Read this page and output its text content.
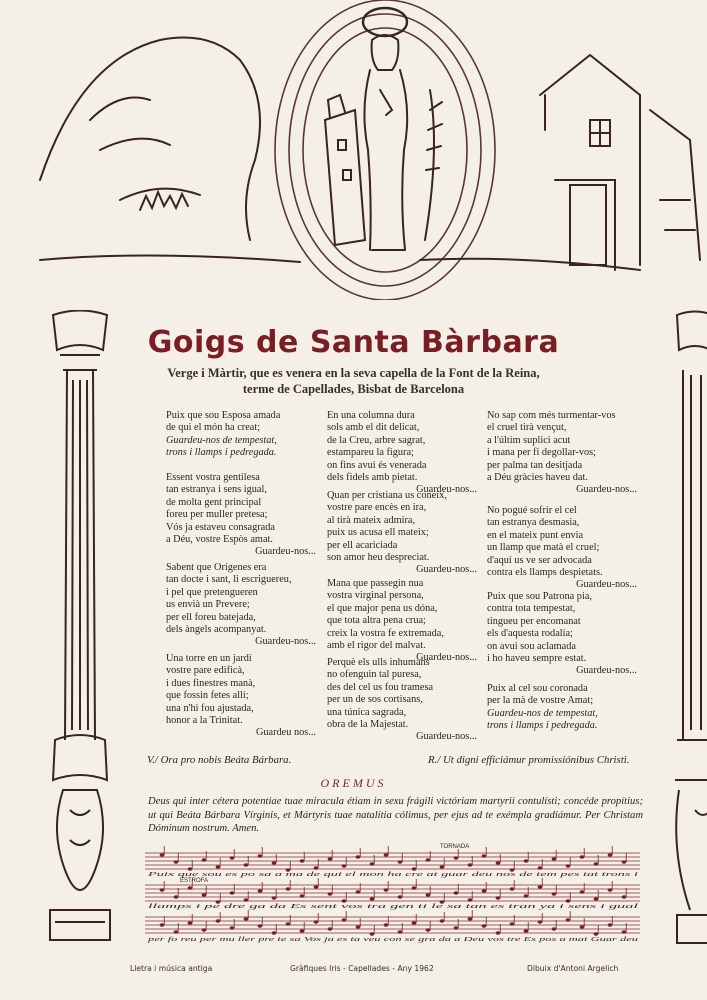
Goigs de Santa Bàrbara
Verge i Màrtir, que es venera en la seva capella de la Font de la Reina,
terme de Capellades, Bisbat de Barcelona
Puix que sou Esposa amada
de qui el món ha creat;
Guardeu-nos de tempestat,
trons i llamps i pedregada.
Essent vostra gentilesa
tan estranya i sens igual,
de molta gent principal
foreu per muller pretesa;
Vós ja estaveu consagrada
a Déu, vostre Espòs amat.
Guardeu-nos...
Sabent que Orígenes era
tan docte i sant, li escriguereu,
i pel que pretengueren
us envià un Prevere;
per ell foreu batejada,
dels àngels acompanyat.
Guardeu-nos...
Una torre en un jardí
vostre pare edificà,
i dues finestres manà,
que fossin fetes allí;
una n'hi fou ajustada,
honor a la Trinitat.
Guardeu nos...
En una columna dura
sols amb el dit delicat,
de la Creu, arbre sagrat,
estampareu la figura;
on fins avui és venerada
dels fidels amb pietat.
Guardeu-nos...
Quan per cristiana us coneix,
vostre pare encès en ira,
al tirà mateix admira,
puix us acusa ell mateix;
per ell acariciada
son amor heu despreciat.
Guardeu-nos...
Mana que passegin nua
vostra virginal persona,
el que major pena us dóna,
que tota altra pena crua;
creix la vostra fe extremada,
amb el rigor del malvat.
Guardeu-nos...
Perquè els ulls inhumans
no ofenguin tal puresa,
des del cel us fou tramesa
per un de sos cortisans,
una túnica sagrada,
obra de la Majestat.
Guardeu-nos...
No sap com més turmentar-vos
el cruel tirà vençut,
a l'últim suplici acut
i mana per fi degollar-vos;
per palma tan desitjada
a Déu gràcies haveu dat.
Guardeu-nos...
No pogué sofrir el cel
tan estranya desmasia,
en el mateix punt envia
un llamp que matà el cruel;
d'aquí us ve ser advocada
contra els llamps despietats.
Guardeu-nos...
Puix que sou Patrona pia,
contra tota tempestat,
tingueu per encomanat
els d'aquesta rodalia;
on avui sou aclamada
i ho haveu sempre estat.
Guardeu-nos...
Puix al cel sou coronada
per la mà de vostre Amat;
Guardeu-nos de tempestat,
trons i llamps i pedregada.
V./ Ora pro nobis Beáta Bárbara.	R./ Ut digni efficiámur promissiónibus Christi.
OREMUS
Deus qui inter cétera potentiae tuae miracula étiam in sexu frágili victóriam martyrii contulísti; concéde propítius; ut qui Beáta Bárbara Vírginis, et Mártyris tuae natalítia cólimus, per ejus ad te exémpla gradiámur. Per Christam Dóminum nostrum. Amen.
TORNADA
ESTROFA
Puix que sou es po sa a ma de qui el mon ha cre at guar deu nos de tem pes tat trons i
llamps i pe dre ga da Es sent vos tra gen ti le sa tan es tran ya i sens i gual
per fo reu per mu ller pre te sa Vos ja es ta veu con se gra da a Deu vos tre Es pos a mat Guar deu
Lletra i música antiga	Gràfiques Iris - Capellades - Any 1962	Dibuix d'Antoni Argelich
